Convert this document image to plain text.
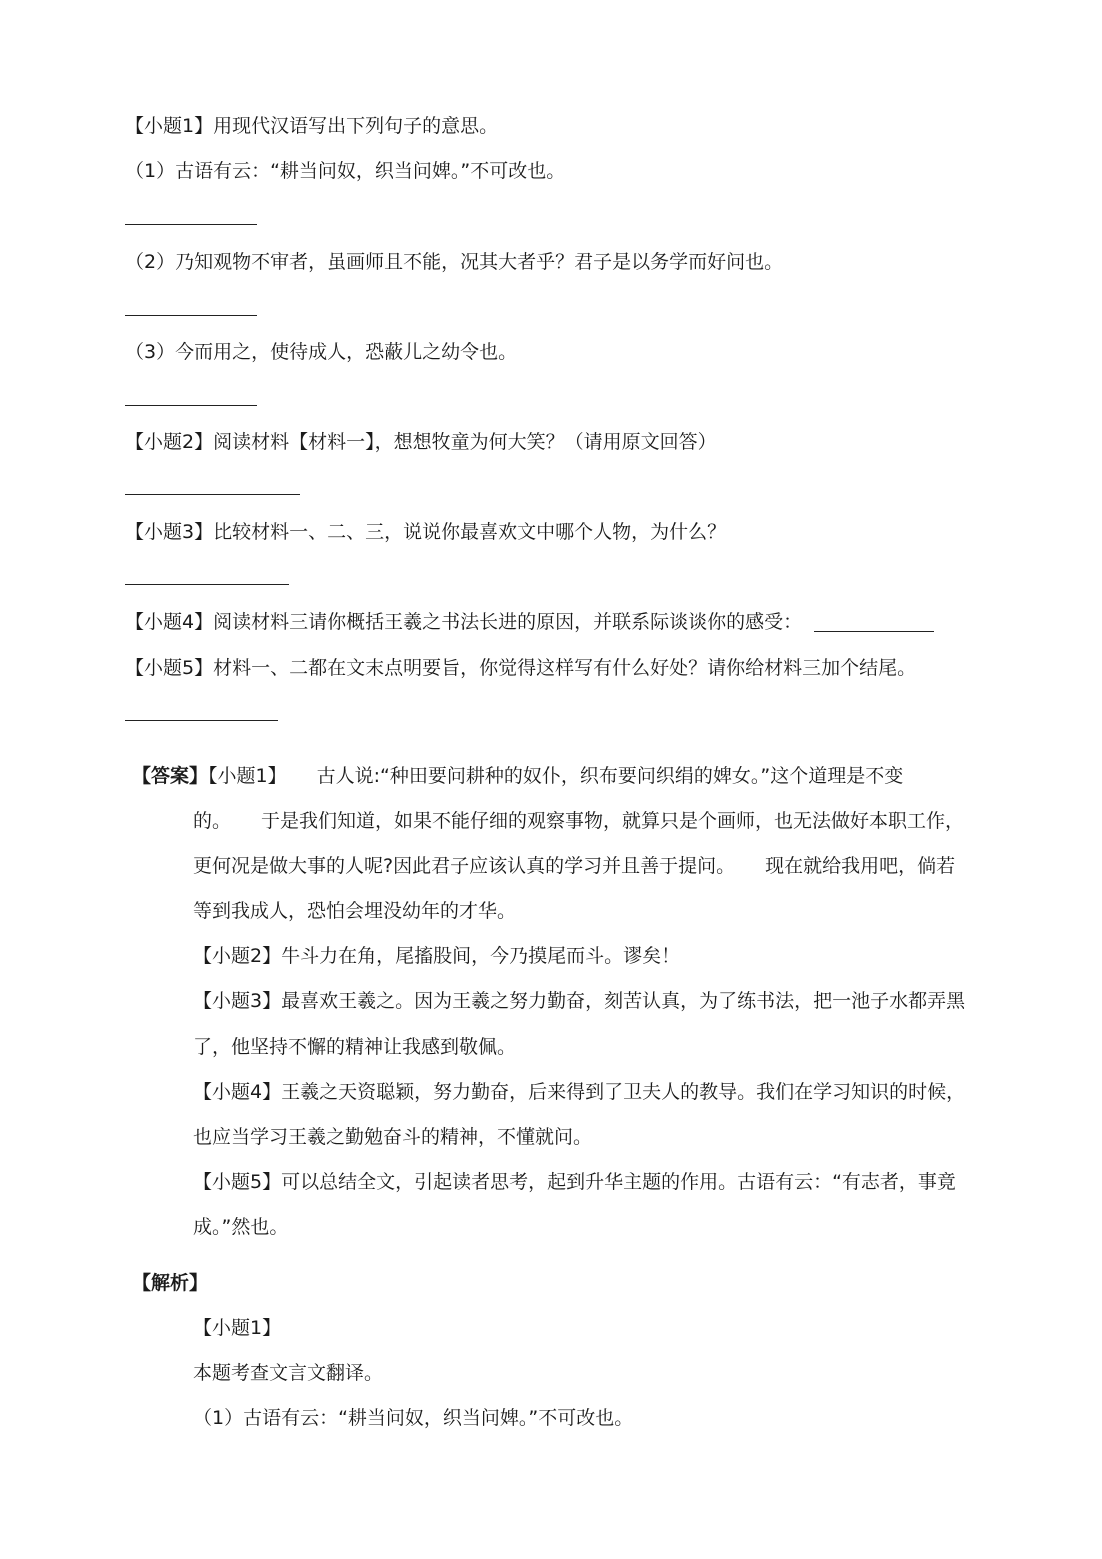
【小题1】用现代汉语写出下列句子的意思。
（1）古语有云：“耕当问奴，织当问婢。”不可改也。
（2）乃知观物不审者，虽画师且不能，况其大者乎？君子是以务学而好问也。
（3）今而用之，使待成人，恐蔽儿之幼令也。
【小题2】阅读材料【材料一】，想想牧童为何大笑？（请用原文回答）
【小题3】比较材料一、二、三，说说你最喜欢文中哪个人物，为什么？
【小题4】阅读材料三请你概括王羲之书法长进的原因，并联系际谈谈你的感受：
【小题5】材料一、二都在文末点明要旨，你觉得这样写有什么好处？请你给材料三加个结尾。
【答案】【小题1】 古人说:“种田要问耕种的奴仆，织布要问织绢的婢女。”这个道理是不变
的。 于是我们知道，如果不能仔细的观察事物，就算只是个画师，也无法做好本职工作，
更何况是做大事的人呢?因此君子应该认真的学习并且善于提问。 现在就给我用吧，倘若
等到我成人，恐怕会埋没幼年的才华。
【小题2】牛斗力在角，尾搐股间，今乃摸尾而斗。谬矣！
【小题3】最喜欢王羲之。因为王羲之努力勤奋，刻苦认真，为了练书法，把一池子水都弄黑
了，他坚持不懈的精神让我感到敬佩。
【小题4】王羲之天资聪颖，努力勤奋，后来得到了卫夫人的教导。我们在学习知识的时候，
也应当学习王羲之勤勉奋斗的精神，不懂就问。
【小题5】可以总结全文，引起读者思考，起到升华主题的作用。古语有云：“有志者，事竟
成。”然也。
【解析】
【小题1】
本题考查文言文翻译。
（1）古语有云：“耕当问奴，织当问婢。”不可改也。
